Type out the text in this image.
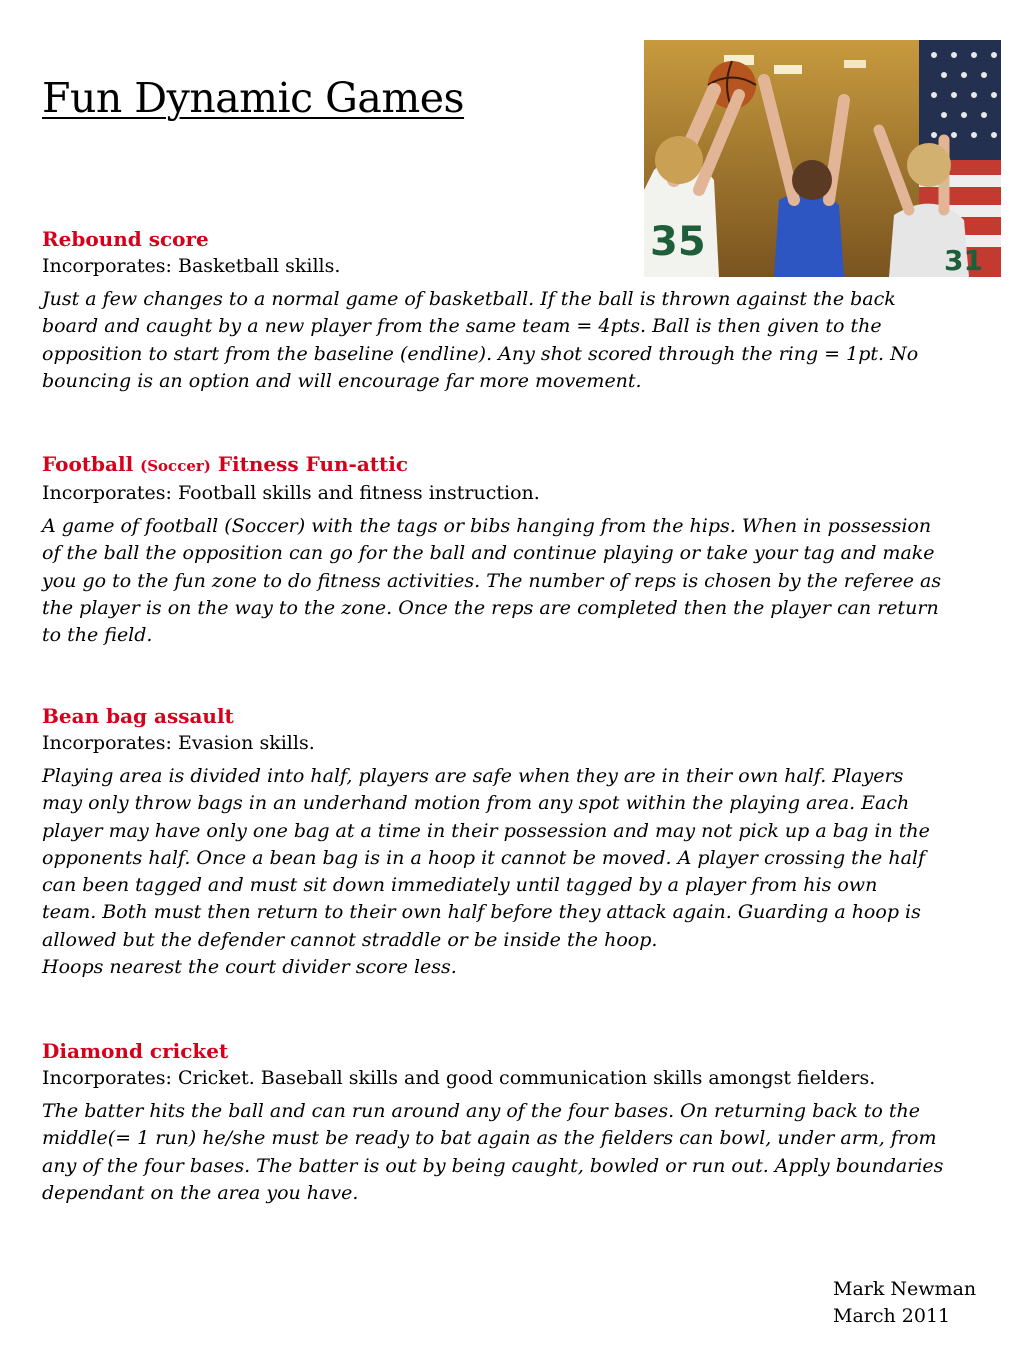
Fun Dynamic Games
35	31

Rebound score

Incorporates: Basketball skills.

Just a few changes to a normal game of basketball. If the ball is thrown against the back
board and caught by a new player from the same team = 4pts. Ball is then given to the
opposition to start from the baseline (endline). Any shot scored through the ring = 1pt. No
bouncing is an option and will encourage far more movement.

Football (Soccer) Fitness Fun-attic

Incorporates: Football skills and fitness instruction.

A game of football (Soccer) with the tags or bibs hanging from the hips. When in possession
of the ball the opposition can go for the ball and continue playing or take your tag and make
you go to the fun zone to do fitness activities. The number of reps is chosen by the referee as
the player is on the way to the zone. Once the reps are completed then the player can return
to the field.

Bean bag assault

Incorporates: Evasion skills.

Playing area is divided into half, players are safe when they are in their own half. Players
may only throw bags in an underhand motion from any spot within the playing area. Each
player may have only one bag at a time in their possession and may not pick up a bag in the
opponents half. Once a bean bag is in a hoop it cannot be moved. A player crossing the half
can been tagged and must sit down immediately until tagged by a player from his own
team. Both must then return to their own half before they attack again. Guarding a hoop is
allowed but the defender cannot straddle or be inside the hoop.
Hoops nearest the court divider score less.

Diamond cricket

Incorporates: Cricket. Baseball skills and good communication skills amongst fielders.

The batter hits the ball and can run around any of the four bases. On returning back to the
middle(= 1 run) he/she must be ready to bat again as the fielders can bowl, under arm, from
any of the four bases. The batter is out by being caught, bowled or run out. Apply boundaries
dependant on the area you have.

Mark Newman
March 2011
